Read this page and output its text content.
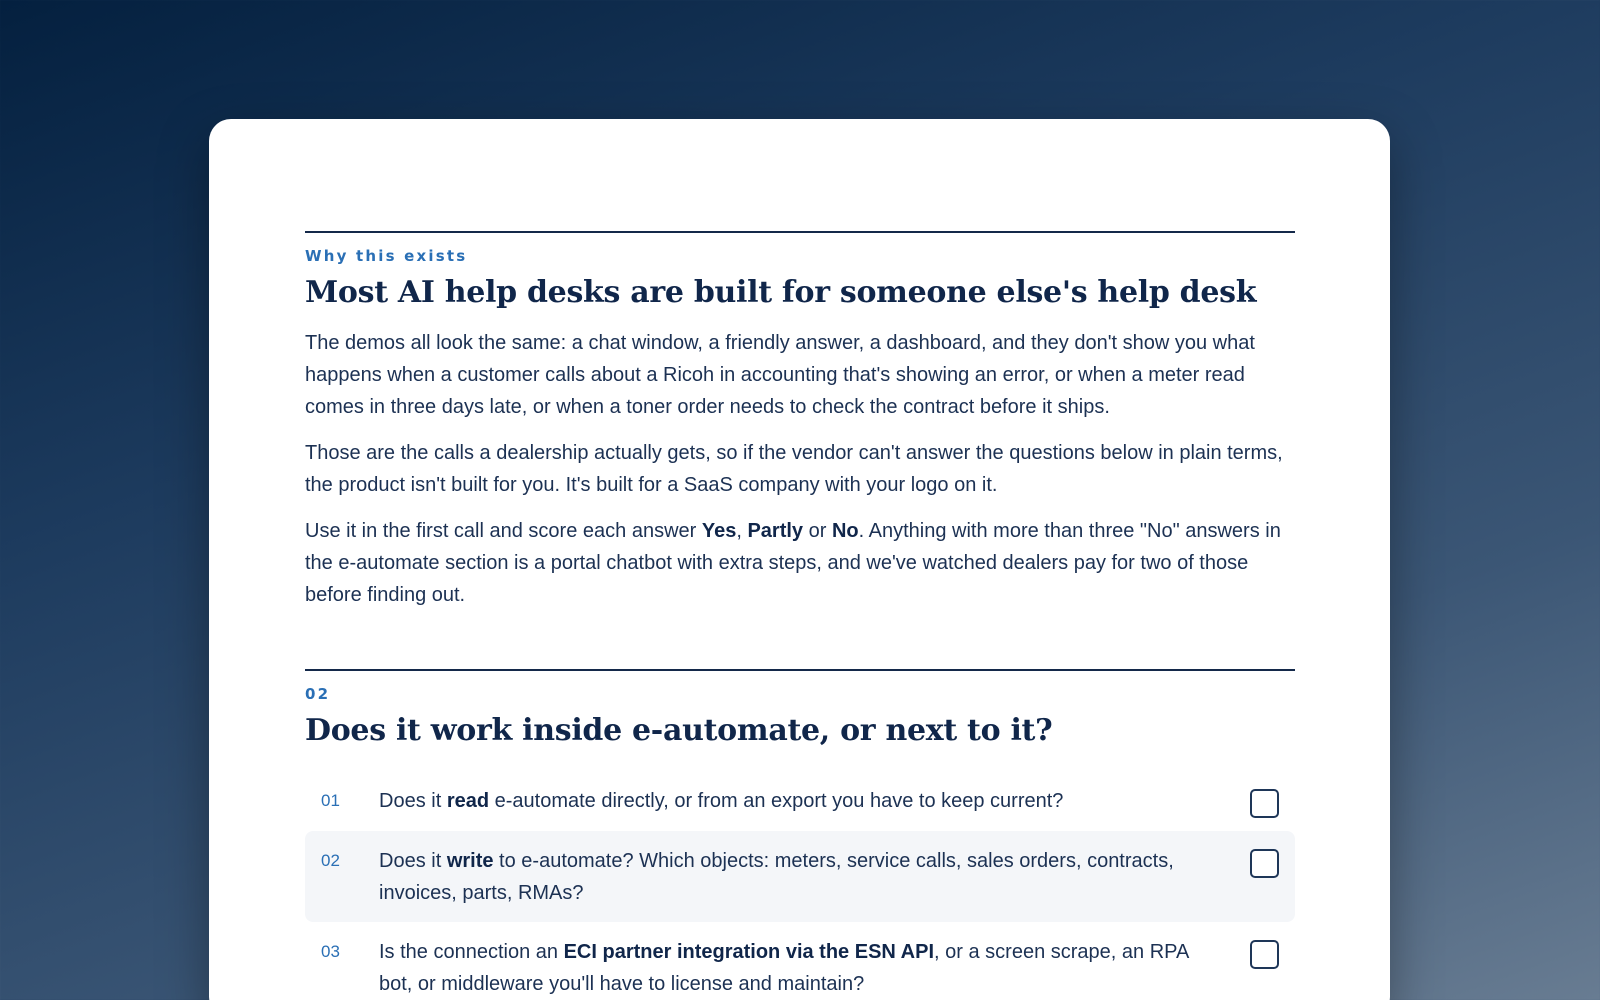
Why this exists
Most AI help desks are built for someone else's help desk

The demos all look the same: a chat window, a friendly answer, a dashboard, and they don't show you what happens when a customer calls about a Ricoh in accounting that's showing an error, or when a meter read comes in three days late, or when a toner order needs to check the contract before it ships.

Those are the calls a dealership actually gets, so if the vendor can't answer the questions below in plain terms, the product isn't built for you. It's built for a SaaS company with your logo on it.

Use it in the first call and score each answer Yes, Partly or No. Anything with more than three "No" answers in the e-automate section is a portal chatbot with extra steps, and we've watched dealers pay for two of those before finding out.

02
Does it work inside e-automate, or next to it?
01	Does it read e-automate directly, or from an export you have to keep current?
02	Does it write to e-automate? Which objects: meters, service calls, sales orders, contracts, invoices, parts, RMAs?
03	Is the connection an ECI partner integration via the ESN API, or a screen scrape, an RPA bot, or middleware you'll have to license and maintain?
